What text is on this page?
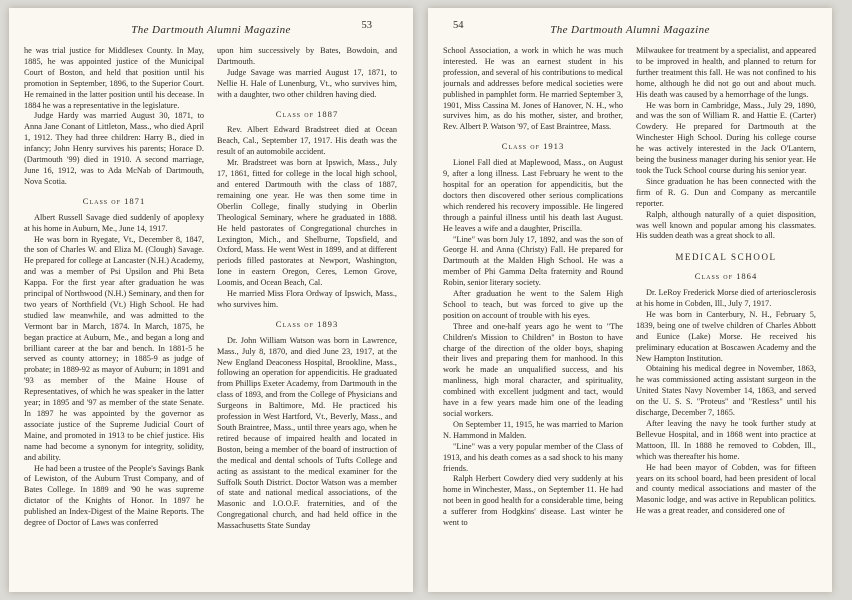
The Dartmouth Alumni Magazine	53

he was trial justice for Middlesex County. In May, 1885, he was appointed justice of the Municipal Court of Boston, and held that position until his promotion in September, 1896, to the Superior Court. He remained in the latter position until his decease. In 1884 he was a representative in the legislature.

Judge Hardy was married August 30, 1871, to Anna Jane Conant of Littleton, Mass., who died April 1, 1912. They had three children: Harry B., died in infancy; John Henry survives his parents; Horace D. (Dartmouth '99) died in 1910. A second marriage, June 16, 1912, was to Ada McNab of Dartmouth, Nova Scotia.

Class of 1871

Albert Russell Savage died suddenly of apoplexy at his home in Auburn, Me., June 14, 1917.

He was born in Ryegate, Vt., December 8, 1847, the son of Charles W. and Eliza M. (Clough) Savage. He prepared for college at Lancaster (N.H.) Academy, and was a member of Psi Upsilon and Phi Beta Kappa. For the first year after graduation he was principal of Northwood (N.H.) Seminary, and then for two years of Northfield (Vt.) High School. He had studied law meanwhile, and was admitted to the Vermont bar in March, 1874. In March, 1875, he began practice at Auburn, Me., and began a long and brilliant career at the bar and bench. In 1881-5 he served as county attorney; in 1885-9 as judge of probate; in 1889-92 as mayor of Auburn; in 1891 and '93 as member of the Maine House of Representatives, of which he was speaker in the latter year; in 1895 and '97 as member of the state Senate. In 1897 he was appointed by the governor as associate justice of the Supreme Judicial Court of Maine, and promoted in 1913 to be chief justice. His name had become a synonym for integrity, solidity, and ability.

He had been a trustee of the People's Savings Bank of Lewiston, of the Auburn Trust Company, and of Bates College. In 1889 and '90 he was supreme dictator of the Knights of Honor. In 1897 he published an Index-Digest of the Maine Reports. The degree of Doctor of Laws was conferred

upon him successively by Bates, Bowdoin, and Dartmouth.

Judge Savage was married August 17, 1871, to Nellie H. Hale of Lunenburg, Vt., who survives him, with a daughter, two other children having died.

Class of 1887

Rev. Albert Edward Bradstreet died at Ocean Beach, Cal., September 17, 1917. His death was the result of an automobile accident.

Mr. Bradstreet was born at Ipswich, Mass., July 17, 1861, fitted for college in the local high school, and entered Dartmouth with the class of 1887, remaining one year. He was then some time in Oberlin College, finally studying in Oberlin Theological Seminary, where he graduated in 1888. He held pastorates of Congregational churches in Lexington, Mich., and Shelburne, Topsfield, and Oxford, Mass. He went West in 1899, and at different periods filled pastorates at Newport, Washington, Ione in eastern Oregon, Ceres, Lemon Grove, Loomis, and Ocean Beach, Cal.

He married Miss Flora Ordway of Ipswich, Mass., who survives him.

Class of 1893

Dr. John William Watson was born in Lawrence, Mass., July 8, 1870, and died June 23, 1917, at the New England Deaconess Hospital, Brookline, Mass., following an operation for appendicitis. He graduated from Phillips Exeter Academy, from Dartmouth in the class of 1893, and from the College of Physicians and Surgeons in Baltimore, Md. He practiced his profession in West Hartford, Vt., Beverly, Mass., and South Braintree, Mass., until three years ago, when he retired because of impaired health and located in Boston, being a member of the board of instruction of the medical and dental schools of Tufts College and acting as assistant to the medical examiner for the Suffolk South District. Doctor Watson was a member of state and national medical associations, of the Masonic and I.O.O.F. fraternities, and of the Congregational church, and had held office in the Massachusetts State Sunday

54	The Dartmouth Alumni Magazine

School Association, a work in which he was much interested. He was an earnest student in his profession, and several of his contributions to medical journals and addresses before medical societies were published in pamphlet form. He married September 3, 1901, Miss Cassina M. Jones of Hanover, N. H., who survives him, as do his mother, sister, and brother, Rev. Albert P. Watson '97, of East Braintree, Mass.

Class of 1913

Lionel Fall died at Maplewood, Mass., on August 9, after a long illness. Last February he went to the hospital for an operation for appendicitis, but the doctors then discovered other serious complications which rendered his recovery impossible. He lingered through a painful illness until his death last August. He leaves a wife and a daughter, Priscilla.

"Line" was born July 17, 1892, and was the son of George H. and Anna (Christy) Fall. He prepared for Dartmouth at the Malden High School. He was a member of Phi Gamma Delta fraternity and Round Robin, senior literary society.

After graduation he went to the Salem High School to teach, but was forced to give up the position on account of trouble with his eyes.

Three and one-half years ago he went to "The Children's Mission to Children" in Boston to have charge of the direction of the older boys, shaping their lives and preparing them for manhood. In this work he made an unqualified success, and his manliness, high moral character, and spirituality, combined with excellent judgment and tact, would have in a few years made him one of the leading social workers.

On September 11, 1915, he was married to Marion N. Hammond in Malden.

"Line" was a very popular member of the Class of 1913, and his death comes as a sad shock to his many friends.

Ralph Herbert Cowdery died very suddenly at his home in Winchester, Mass., on September 11. He had not been in good health for a considerable time, being a sufferer from Hodgkins' disease. Last winter he went to

Milwaukee for treatment by a specialist, and appeared to be improved in health, and planned to return for further treatment this fall. He was not confined to his home, although he did not go out and about much. His death was caused by a hemorrhage of the lungs.

He was born in Cambridge, Mass., July 29, 1890, and was the son of William R. and Hattie E. (Carter) Cowdery. He prepared for Dartmouth at the Winchester High School. During his college course he was actively interested in the Jack O'Lantern, being the business manager during his senior year. He took the Tuck School course during his senior year.

Since graduation he has been connected with the firm of R. G. Dun and Company as mercantile reporter.

Ralph, although naturally of a quiet disposition, was well known and popular among his classmates. His sudden death was a great shock to all.

MEDICAL SCHOOL
Class of 1864

Dr. LeRoy Frederick Morse died of arteriosclerosis at his home in Cobden, Ill., July 7, 1917.

He was born in Canterbury, N. H., February 5, 1839, being one of twelve children of Charles Abbott and Eunice (Lake) Morse. He received his preliminary education at Boscawen Academy and the New Hampton Institution.

Obtaining his medical degree in November, 1863, he was commissioned acting assistant surgeon in the United States Navy November 14, 1863, and served on the U. S. S. "Proteus" and "Restless" until his discharge, December 7, 1865.

After leaving the navy he took further study at Bellevue Hospital, and in 1868 went into practice at Mattoon, Ill. In 1888 he removed to Cobden, Ill., which was thereafter his home.

He had been mayor of Cobden, was for fifteen years on its school board, had been president of local and county medical associations and master of the Masonic lodge, and was active in Republican politics. He was a great reader, and considered one of
